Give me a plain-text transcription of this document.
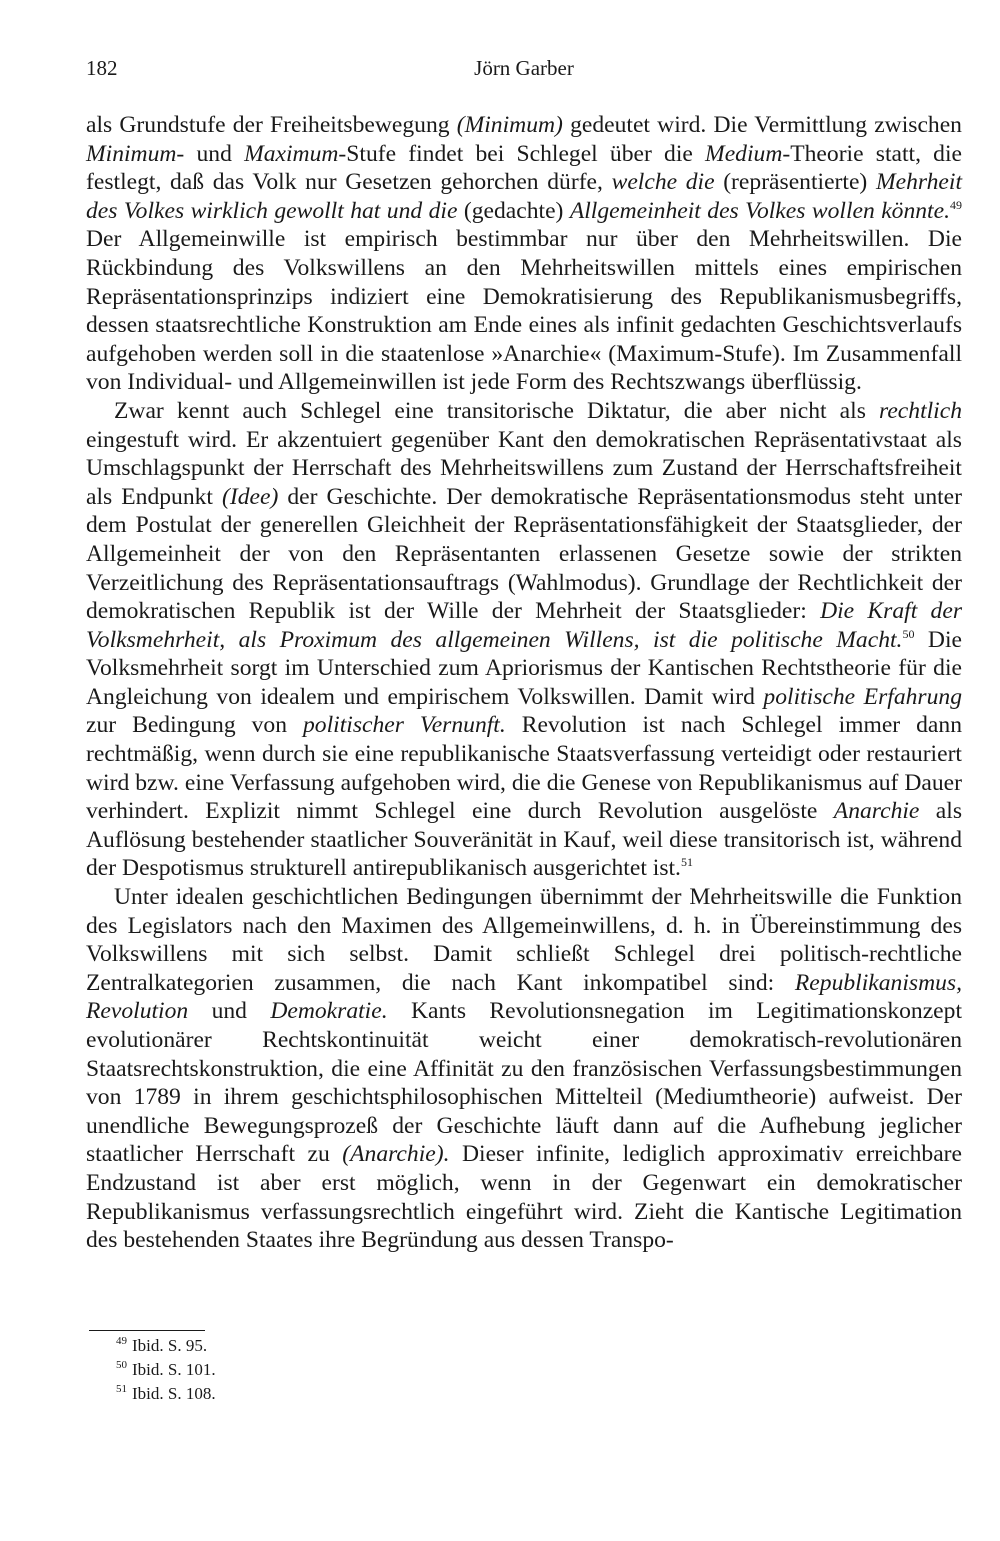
182	Jörn Garber

als Grundstufe der Freiheitsbewegung (Minimum) gedeutet wird. Die Vermittlung zwischen Minimum- und Maximum-Stufe findet bei Schlegel über die Medium-Theorie statt, die festlegt, daß das Volk nur Gesetzen gehorchen dürfe, welche die (repräsentierte) Mehrheit des Volkes wirklich gewollt hat und die (gedachte) Allgemeinheit des Volkes wollen könnte.$^{49}$ Der Allgemeinwille ist empirisch bestimmbar nur über den Mehrheitswillen. Die Rückbindung des Volkswillens an den Mehrheitswillen mittels eines empirischen Repräsentationsprinzips indiziert eine Demokratisierung des Republikanismusbegriffs, dessen staatsrechtliche Konstruktion am Ende eines als infinit gedachten Geschichtsverlaufs aufgehoben werden soll in die staatenlose »Anarchie« (Maximum-Stufe). Im Zusammenfall von Individual- und Allgemeinwillen ist jede Form des Rechtszwangs überflüssig.

Zwar kennt auch Schlegel eine transitorische Diktatur, die aber nicht als rechtlich eingestuft wird. Er akzentuiert gegenüber Kant den demokratischen Repräsentativstaat als Umschlagspunkt der Herrschaft des Mehrheitswillens zum Zustand der Herrschaftsfreiheit als Endpunkt (Idee) der Geschichte. Der demokratische Repräsentationsmodus steht unter dem Postulat der generellen Gleichheit der Repräsentationsfähigkeit der Staatsglieder, der Allgemeinheit der von den Repräsentanten erlassenen Gesetze sowie der strikten Verzeitlichung des Repräsentationsauftrags (Wahlmodus). Grundlage der Rechtlichkeit der demokratischen Republik ist der Wille der Mehrheit der Staatsglieder: Die Kraft der Volksmehrheit, als Proximum des allgemeinen Willens, ist die politische Macht.$^{50}$ Die Volksmehrheit sorgt im Unterschied zum Apriorismus der Kantischen Rechtstheorie für die Angleichung von idealem und empirischem Volkswillen. Damit wird politische Erfahrung zur Bedingung von politischer Vernunft. Revolution ist nach Schlegel immer dann rechtmäßig, wenn durch sie eine republikanische Staatsverfassung verteidigt oder restauriert wird bzw. eine Verfassung aufgehoben wird, die die Genese von Republikanismus auf Dauer verhindert. Explizit nimmt Schlegel eine durch Revolution ausgelöste Anarchie als Auflösung bestehender staatlicher Souveränität in Kauf, weil diese transitorisch ist, während der Despotismus strukturell antirepublikanisch ausgerichtet ist.$^{51}$

Unter idealen geschichtlichen Bedingungen übernimmt der Mehrheitswille die Funktion des Legislators nach den Maximen des Allgemeinwillens, d. h. in Übereinstimmung des Volkswillens mit sich selbst. Damit schließt Schlegel drei politisch-rechtliche Zentralkategorien zusammen, die nach Kant inkompatibel sind: Republikanismus, Revolution und Demokratie. Kants Revolutionsnegation im Legitimationskonzept evolutionärer Rechtskontinuität weicht einer demokratisch-revolutionären Staatsrechtskonstruktion, die eine Affinität zu den französischen Verfassungsbestimmungen von 1789 in ihrem geschichtsphilosophischen Mittelteil (Mediumtheorie) aufweist. Der unendliche Bewegungsprozeß der Geschichte läuft dann auf die Aufhebung jeglicher staatlicher Herrschaft zu (Anarchie). Dieser infinite, lediglich approximativ erreichbare Endzustand ist aber erst möglich, wenn in der Gegenwart ein demokratischer Republikanismus verfassungsrechtlich eingeführt wird. Zieht die Kantische Legitimation des bestehenden Staates ihre Begründung aus dessen Transpo-

$^{49}$ Ibid. S. 95.
$^{50}$ Ibid. S. 101.
$^{51}$ Ibid. S. 108.
